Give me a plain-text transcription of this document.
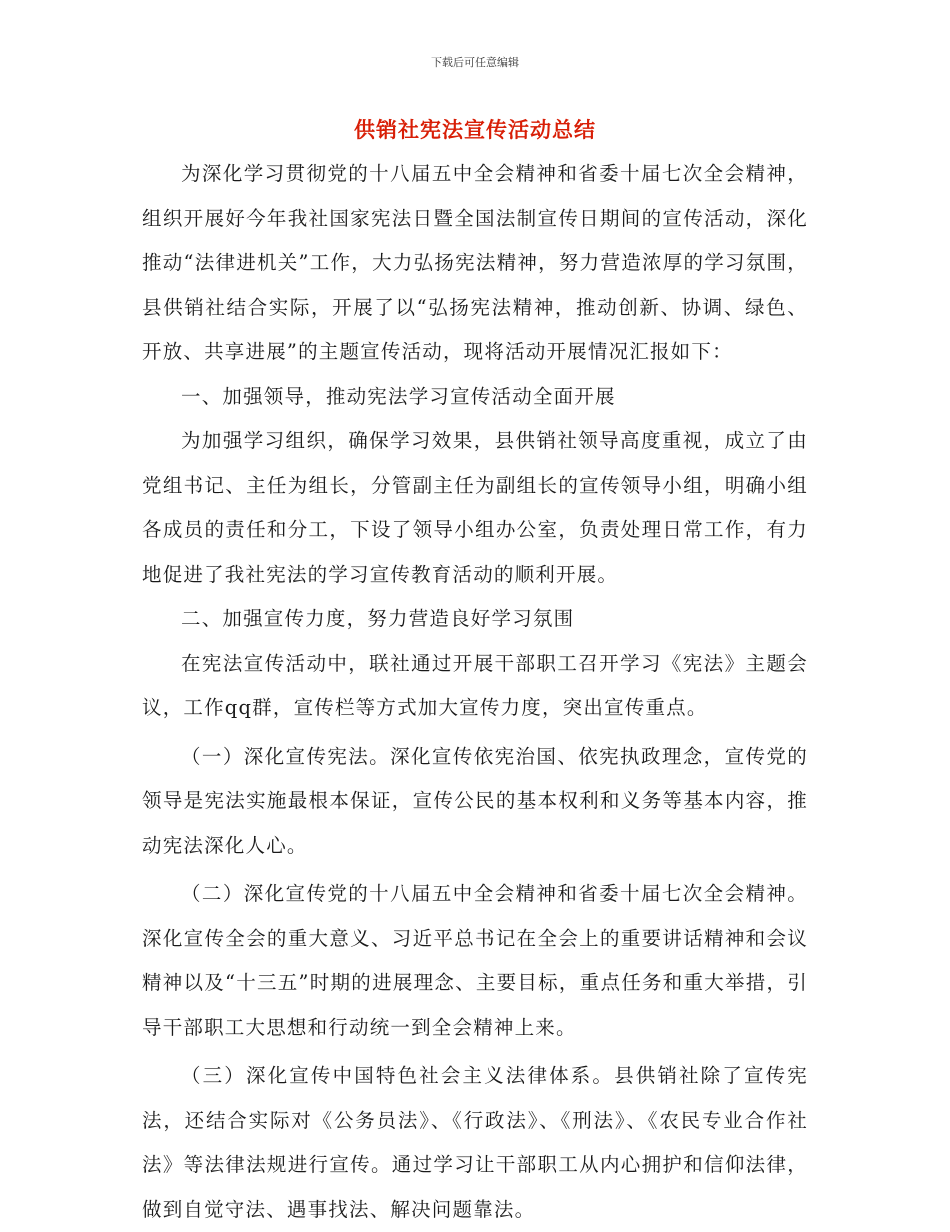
下载后可任意编辑
供销社宪法宣传活动总结

为深化学习贯彻党的十八届五中全会精神和省委十届七次全会精神，组织开展好今年我社国家宪法日暨全国法制宣传日期间的宣传活动，深化推动“法律进机关”工作，大力弘扬宪法精神，努力营造浓厚的学习氛围，县供销社结合实际，开展了以“弘扬宪法精神，推动创新、协调、绿色、开放、共享进展”的主题宣传活动，现将活动开展情况汇报如下：

一、加强领导，推动宪法学习宣传活动全面开展

为加强学习组织，确保学习效果，县供销社领导高度重视，成立了由党组书记、主任为组长，分管副主任为副组长的宣传领导小组，明确小组各成员的责任和分工，下设了领导小组办公室，负责处理日常工作，有力地促进了我社宪法的学习宣传教育活动的顺利开展。

二、加强宣传力度，努力营造良好学习氛围

在宪法宣传活动中，联社通过开展干部职工召开学习《宪法》主题会议，工作qq群，宣传栏等方式加大宣传力度，突出宣传重点。

（一）深化宣传宪法。深化宣传依宪治国、依宪执政理念，宣传党的领导是宪法实施最根本保证，宣传公民的基本权利和义务等基本内容，推动宪法深化人心。

（二）深化宣传党的十八届五中全会精神和省委十届七次全会精神。深化宣传全会的重大意义、习近平总书记在全会上的重要讲话精神和会议精神以及“十三五”时期的进展理念、主要目标，重点任务和重大举措，引导干部职工大思想和行动统一到全会精神上来。

（三）深化宣传中国特色社会主义法律体系。县供销社除了宣传宪法，还结合实际对《公务员法》、《行政法》、《刑法》、《农民专业合作社法》等法律法规进行宣传。通过学习让干部职工从内心拥护和信仰法律，做到自觉守法、遇事找法、解决问题靠法。
